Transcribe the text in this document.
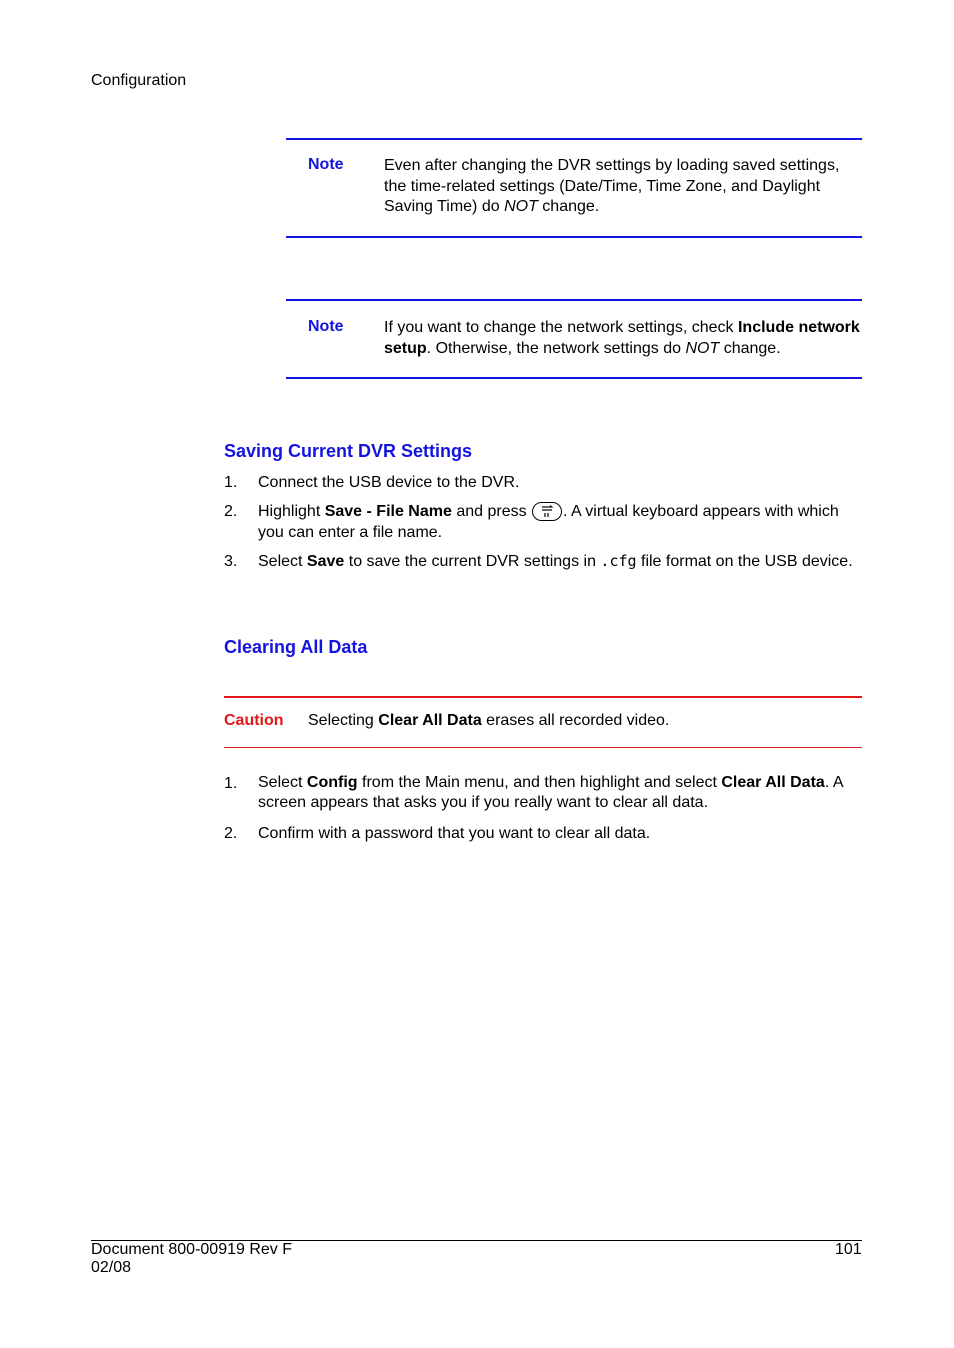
Configuration
Note	Even after changing the DVR settings by loading saved settings, the time-related settings (Date/Time, Time Zone, and Daylight Saving Time) do NOT change.
Note	If you want to change the network settings, check Include network setup. Otherwise, the network settings do NOT change.
Saving Current DVR Settings
1. Connect the USB device to the DVR.
2. Highlight Save - File Name and press
. A virtual keyboard appears with which you can enter a file name.
3. Select Save to save the current DVR settings in .cfg file format on the USB device.
Clearing All Data
Caution Selecting Clear All Data erases all recorded video.
1. Select Config from the Main menu, and then highlight and select Clear All Data. A screen appears that asks you if you really want to clear all data.
2. Confirm with a password that you want to clear all data.
Document 800-00919 Rev F
02/08
101
